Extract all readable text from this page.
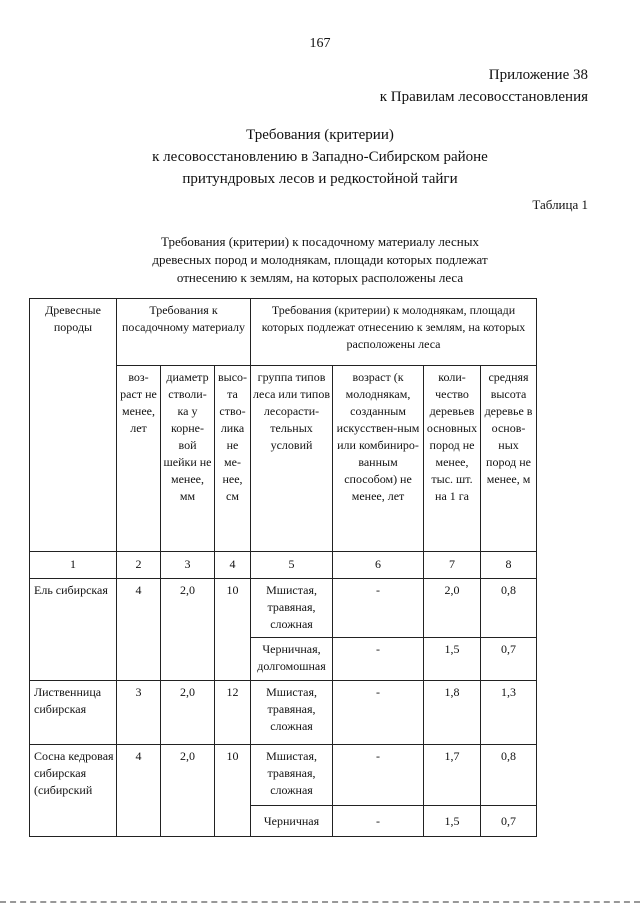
167
Приложение 38
к Правилам лесовосстановления
Требования (критерии)
к лесовосстановлению в Западно-Сибирском районе
притундровых лесов и редкостойной тайги
Таблица 1
Требования (критерии) к посадочному материалу лесных
древесных пород и молоднякам, площади которых подлежат
отнесению к землям, на которых расположены леса
Древесные породы	Требования к посадочному материалу			Требования (критерии) к молоднякам, площади которых подлежат отнесению к землям, на которых расположены леса			
	воз-раст не менее, лет	диаметр стволи-ка у корне-вой шейки не менее, мм	высо-та ство-лика не ме-нее, см	группа типов леса или типов лесорасти-тельных условий	возраст (к молоднякам, созданным искусствен-ным или комбиниро-ванным способом) не менее, лет	коли-чество деревьев основных пород не менее, тыс. шт. на 1 га	средняя высота деревье в основ-ных пород не менее, м
1	2	3	4	5	6	7	8
Ель сибирская	4	2,0	10	Мшистая, травяная, сложная	-	2,0	0,8
				Черничная, долгомошная	-	1,5	0,7
Лиственница сибирская	3	2,0	12	Мшистая, травяная, сложная	-	1,8	1,3
Сосна кедровая сибирская (сибирский	4	2,0	10	Мшистая, травяная, сложная	-	1,7	0,8
				Черничная	-	1,5	0,7
